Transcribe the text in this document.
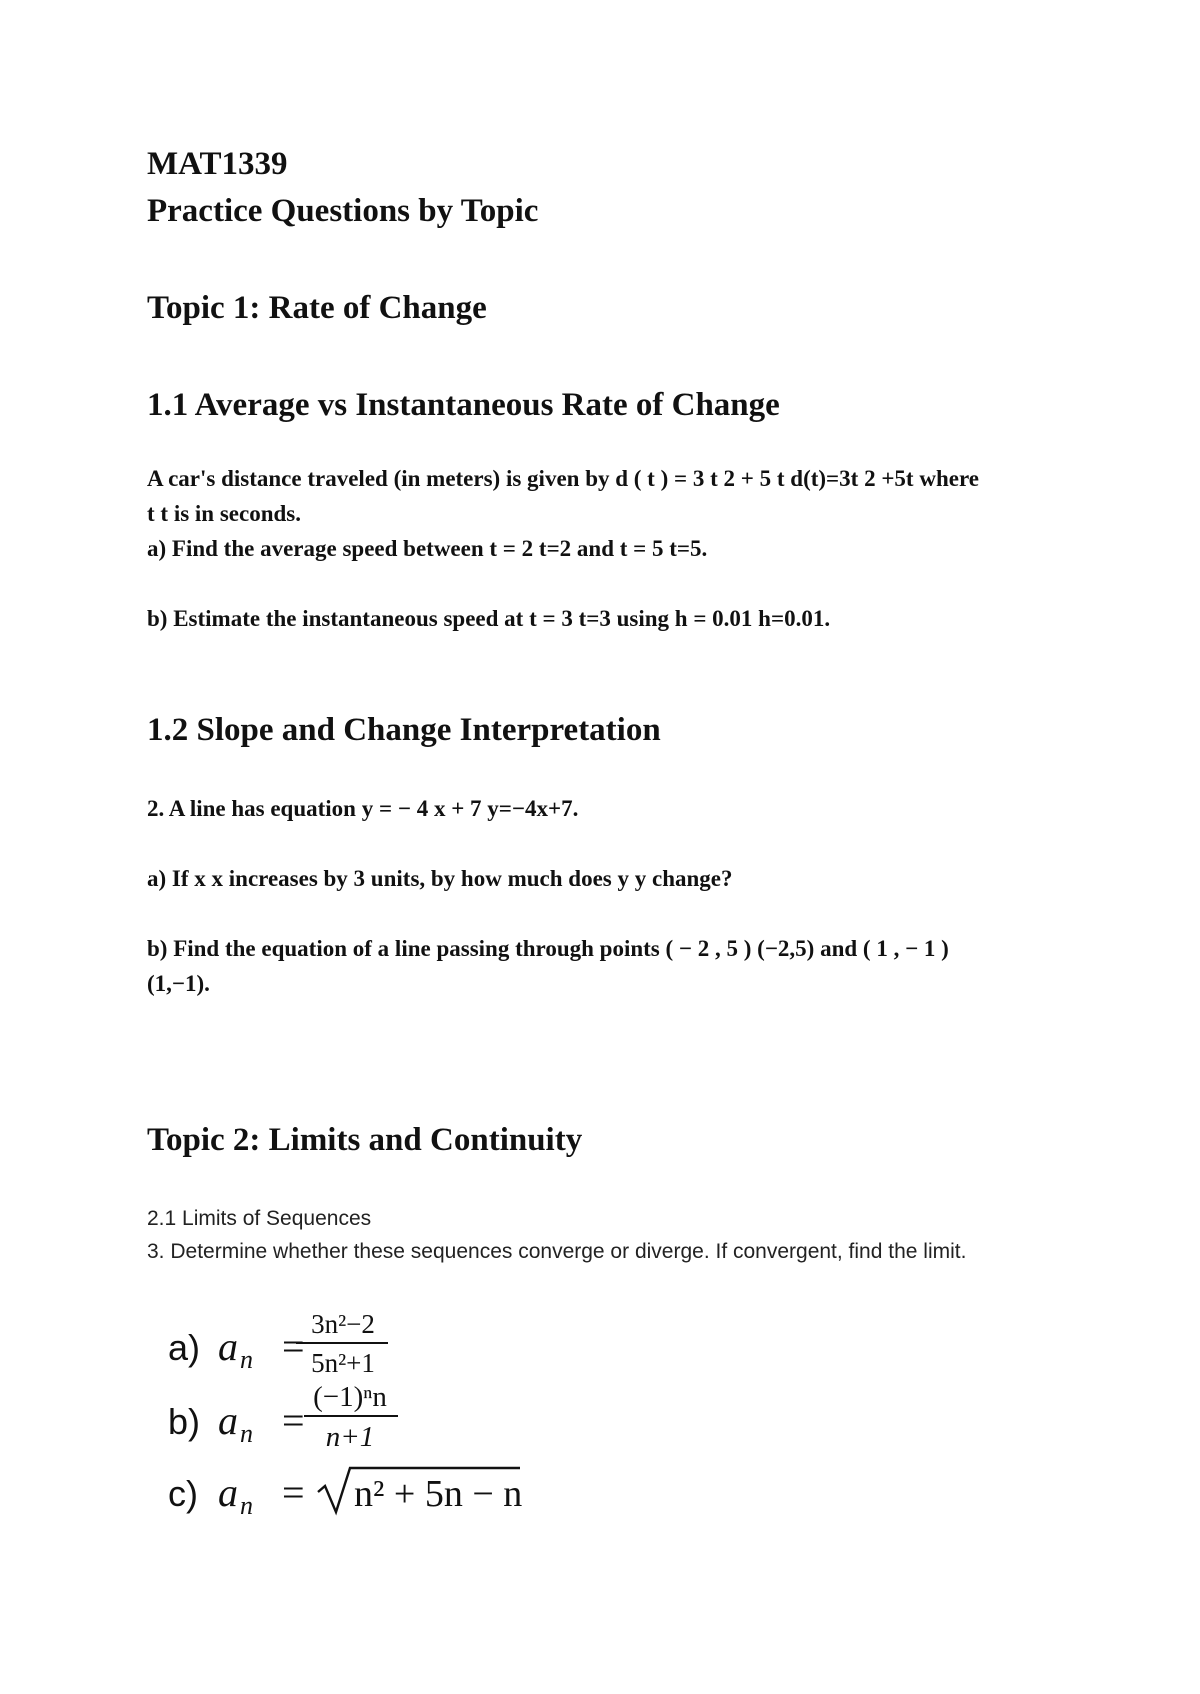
MAT1339
Practice Questions by Topic
Topic 1: Rate of Change
1.1 Average vs Instantaneous Rate of Change
A car's distance traveled (in meters) is given by d ( t ) = 3 t 2 + 5 t d(t)=3t 2 +5t where
t t is in seconds.
a) Find the average speed between t = 2 t=2 and t = 5 t=5.
b) Estimate the instantaneous speed at t = 3 t=3 using h = 0.01 h=0.01.
1.2 Slope and Change Interpretation
2. A line has equation y = − 4 x + 7 y=−4x+7.
a) If x x increases by 3 units, by how much does y y change?
b) Find the equation of a line passing through points ( − 2 , 5 ) (−2,5) and ( 1 , − 1 )
(1,−1).
Topic 2: Limits and Continuity
2.1 Limits of Sequences
3. Determine whether these sequences converge or diverge. If convergent, find the limit.
a) a n = 3n²−2
5n²+1
b) a n =
(−1)ⁿn
n+1
c) a n = n² + 5n − n
